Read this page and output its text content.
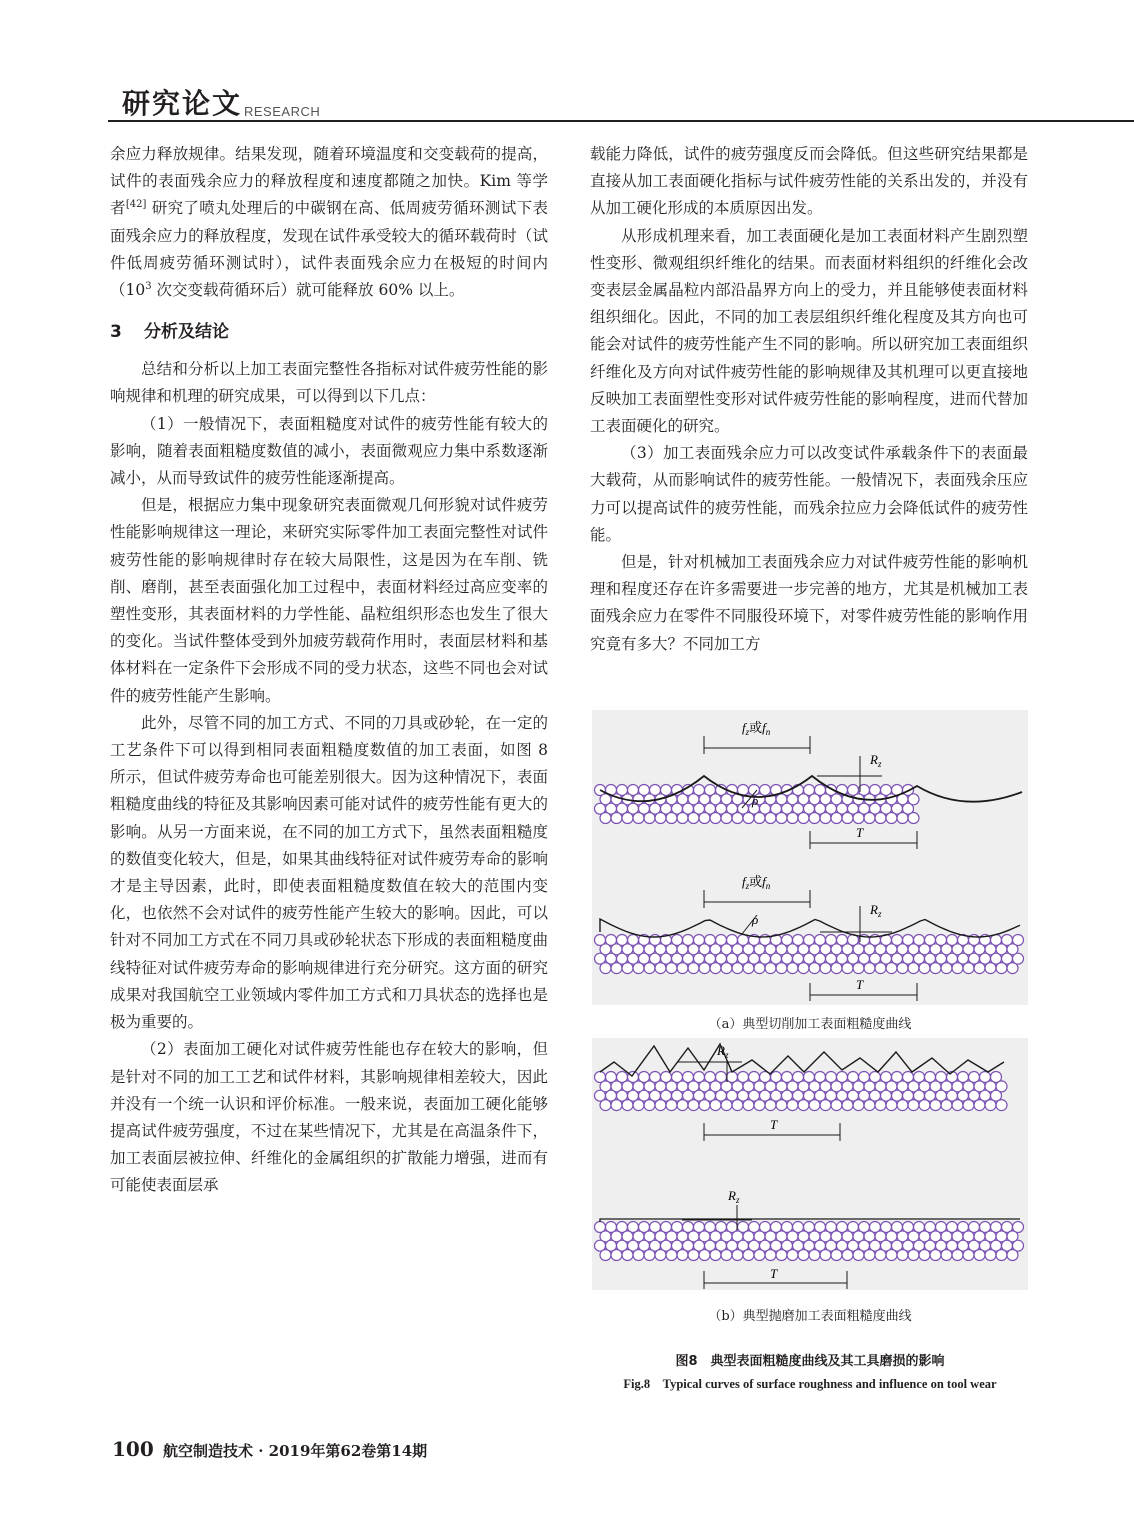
研究论文 RESEARCH

余应力释放规律。结果发现，随着环境温度和交变载荷的提高，试件的表面残余应力的释放程度和速度都随之加快。Kim 等学者[42] 研究了喷丸处理后的中碳钢在高、低周疲劳循环测试下表面残余应力的释放程度，发现在试件承受较大的循环载荷时（试件低周疲劳循环测试时），试件表面残余应力在极短的时间内（$10^3$ 次交变载荷循环后）就可能释放 60% 以上。

3 分析及结论

总结和分析以上加工表面完整性各指标对试件疲劳性能的影响规律和机理的研究成果，可以得到以下几点：

（1）一般情况下，表面粗糙度对试件的疲劳性能有较大的影响，随着表面粗糙度数值的减小，表面微观应力集中系数逐渐减小，从而导致试件的疲劳性能逐渐提高。

但是，根据应力集中现象研究表面微观几何形貌对试件疲劳性能影响规律这一理论，来研究实际零件加工表面完整性对试件疲劳性能的影响规律时存在较大局限性，这是因为在车削、铣削、磨削，甚至表面强化加工过程中，表面材料经过高应变率的塑性变形，其表面材料的力学性能、晶粒组织形态也发生了很大的变化。当试件整体受到外加疲劳载荷作用时，表面层材料和基体材料在一定条件下会形成不同的受力状态，这些不同也会对试件的疲劳性能产生影响。

此外，尽管不同的加工方式、不同的刀具或砂轮，在一定的工艺条件下可以得到相同表面粗糙度数值的加工表面，如图 8 所示，但试件疲劳寿命也可能差别很大。因为这种情况下，表面粗糙度曲线的特征及其影响因素可能对试件的疲劳性能有更大的影响。从另一方面来说，在不同的加工方式下，虽然表面粗糙度的数值变化较大，但是，如果其曲线特征对试件疲劳寿命的影响才是主导因素，此时，即使表面粗糙度数值在较大的范围内变化，也依然不会对试件的疲劳性能产生较大的影响。因此，可以针对不同加工方式在不同刀具或砂轮状态下形成的表面粗糙度曲线特征对试件疲劳寿命的影响规律进行充分研究。这方面的研究成果对我国航空工业领域内零件加工方式和刀具状态的选择也是极为重要的。

（2）表面加工硬化对试件疲劳性能也存在较大的影响，但是针对不同的加工工艺和试件材料，其影响规律相差较大，因此并没有一个统一认识和评价标准。一般来说，表面加工硬化能够提高试件疲劳强度，不过在某些情况下，尤其是在高温条件下，加工表面层被拉伸、纤维化的金属组织的扩散能力增强，进而有可能使表面层承

载能力降低，试件的疲劳强度反而会降低。但这些研究结果都是直接从加工表面硬化指标与试件疲劳性能的关系出发的，并没有从加工硬化形成的本质原因出发。

从形成机理来看，加工表面硬化是加工表面材料产生剧烈塑性变形、微观组织纤维化的结果。而表面材料组织的纤维化会改变表层金属晶粒内部沿晶界方向上的受力，并且能够使表面材料组织细化。因此，不同的加工表层组织纤维化程度及其方向也可能会对试件的疲劳性能产生不同的影响。所以研究加工表面组织纤维化及方向对试件疲劳性能的影响规律及其机理可以更直接地反映加工表面塑性变形对试件疲劳性能的影响程度，进而代替加工表面硬化的研究。

（3）加工表面残余应力可以改变试件承载条件下的表面最大载荷，从而影响试件的疲劳性能。一般情况下，表面残余压应力可以提高试件的疲劳性能，而残余拉应力会降低试件的疲劳性能。

但是，针对机械加工表面残余应力对试件疲劳性能的影响机理和程度还存在许多需要进一步完善的地方，尤其是机械加工表面残余应力在零件不同服役环境下，对零件疲劳性能的影响作用究竟有多大？不同加工方

$f_z$或$f_n$
ρ
$R_z$
T
$f_z$或$f_n$
ρ
$R_z$
T
$R_z$
T
$R_z$
T
（a）典型切削加工表面粗糙度曲线
（b）典型抛磨加工表面粗糙度曲线
图8　典型表面粗糙度曲线及其工具磨损的影响
Fig.8　Typical curves of surface roughness and influence on tool wear
100 航空制造技术 · 2019年第62卷第14期
